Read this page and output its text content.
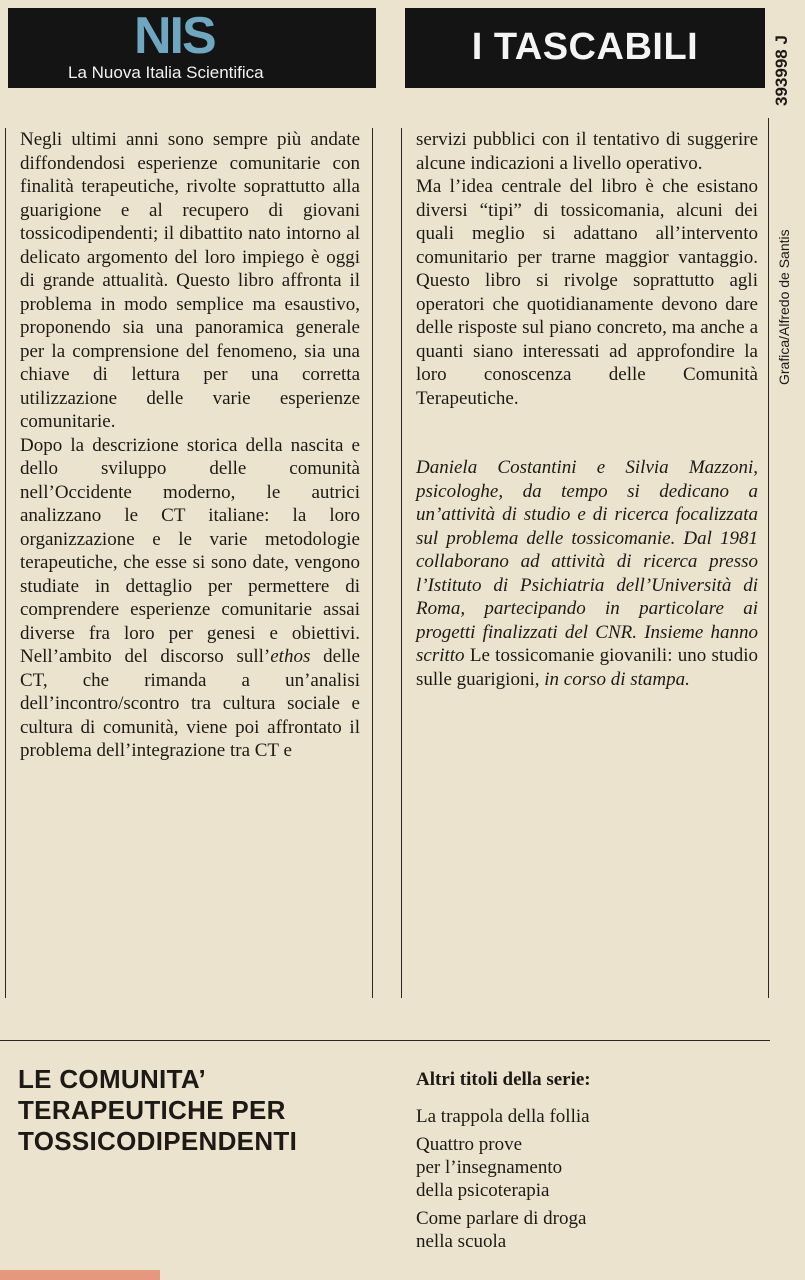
NIS
La Nuova Italia Scientifica
I TASCABILI	393998 J
Grafica/Alfredo de Santis

Negli ultimi anni sono sempre più andate diffondendosi esperienze comunitarie con finalità terapeutiche, rivolte soprattutto alla guarigione e al recupero di giovani tossicodipendenti; il dibattito nato intorno al delicato argomento del loro impiego è oggi di grande attualità. Questo libro affronta il problema in modo semplice ma esaustivo, proponendo sia una panoramica generale per la comprensione del fenomeno, sia una chiave di lettura per una corretta utilizzazione delle varie esperienze comunitarie.

Dopo la descrizione storica della nascita e dello sviluppo delle comunità nell’Occidente moderno, le autrici analizzano le CT italiane: la loro organizzazione e le varie metodologie terapeutiche, che esse si sono date, vengono studiate in dettaglio per permettere di comprendere esperienze comunitarie assai diverse fra loro per genesi e obiettivi. Nell’ambito del discorso sull’ethos delle CT, che rimanda a un’analisi dell’incontro/scontro tra cultura sociale e cultura di comunità, viene poi affrontato il problema dell’integrazione tra CT e

servizi pubblici con il tentativo di suggerire alcune indicazioni a livello operativo.

Ma l’idea centrale del libro è che esistano diversi “tipi” di tossicomania, alcuni dei quali meglio si adattano all’intervento comunitario per trarne maggior vantaggio. Questo libro si rivolge soprattutto agli operatori che quotidianamente devono dare delle risposte sul piano concreto, ma anche a quanti siano interessati ad approfondire la loro conoscenza delle Comunità Terapeutiche.

Daniela Costantini e Silvia Mazzoni, psicologhe, da tempo si dedicano a un’attività di studio e di ricerca focalizzata sul problema delle tossicomanie. Dal 1981 collaborano ad attività di ricerca presso l’Istituto di Psichiatria dell’Università di Roma, partecipando in particolare ai progetti finalizzati del CNR. Insieme hanno scritto Le tossicomanie giovanili: uno studio sulle guarigioni, in corso di stampa.

LE COMUNITA’
TERAPEUTICHE PER
TOSSICODIPENDENTI
Altri titoli della serie:
La trappola della follia
Quattro prove
per l’insegnamento
della psicoterapia
Come parlare di droga
nella scuola
